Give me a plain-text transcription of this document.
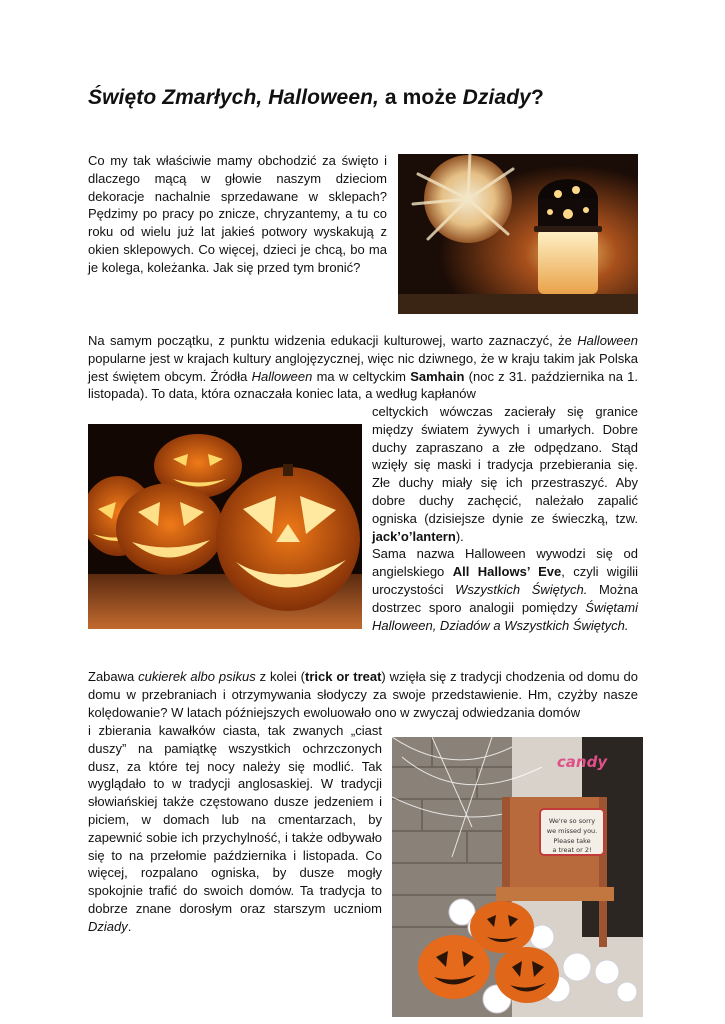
Święto Zmarłych, Halloween, a może Dziady?

Co my tak właściwie mamy obchodzić za święto i dlaczego mącą w głowie naszym dzieciom dekoracje nachalnie sprzedawane w sklepach? Pędzimy po pracy po znicze, chryzantemy, a tu co roku od wielu już lat jakieś potwory wyskakują z okien sklepowych. Co więcej, dzieci je chcą, bo ma je kolega, koleżanka. Jak się przed tym bronić?

Na samym początku, z punktu widzenia edukacji kulturowej, warto zaznaczyć, że Halloween popularne jest w krajach kultury anglojęzycznej, więc nic dziwnego, że w kraju takim jak Polska jest świętem obcym. Źródła Halloween ma w celtyckim Samhain (noc z 31. października na 1. listopada). To data, która oznaczała koniec lata, a według kapłanów

celtyckich wówczas zacierały się granice między światem żywych i umarłych. Dobre duchy zapraszano a złe odpędzano. Stąd wzięły się maski i tradycja przebierania się. Złe duchy miały się ich przestraszyć. Aby dobre duchy zachęcić, należało zapalić ogniska (dzisiejsze dynie ze świeczką, tzw. jack’o’lantern).
Sama nazwa Halloween wywodzi się od angielskiego All Hallows’ Eve, czyli wigilii uroczystości Wszystkich Świętych. Można dostrzec sporo analogii pomiędzy Świętami Halloween, Dziadów a Wszystkich Świętych.

Zabawa cukierek albo psikus z kolei (trick or treat) wzięła się z tradycji chodzenia od domu do domu w przebraniach i otrzymywania słodyczy za swoje przedstawienie. Hm, czyżby nasze kolędowanie? W latach późniejszych ewoluowało ono w zwyczaj odwiedzania domów

i zbierania kawałków ciasta, tak zwanych „ciast duszy” na pamiątkę wszystkich ochrzczonych dusz, za które tej nocy należy się modlić. Tak wyglądało to w tradycji anglosaskiej. W tradycji słowiańskiej także częstowano dusze jedzeniem i piciem, w domach lub na cmentarzach, by zapewnić sobie ich przychylność, i także odbywało się to na przełomie października i listopada. Co więcej, rozpalano ogniska, by dusze mogły spokojnie trafić do swoich domów. Ta tradycja to dobrze znane dorosłym oraz starszym uczniom Dziady.

We're so sorry
we missed you.
Please take
a treat or 2!
candy
